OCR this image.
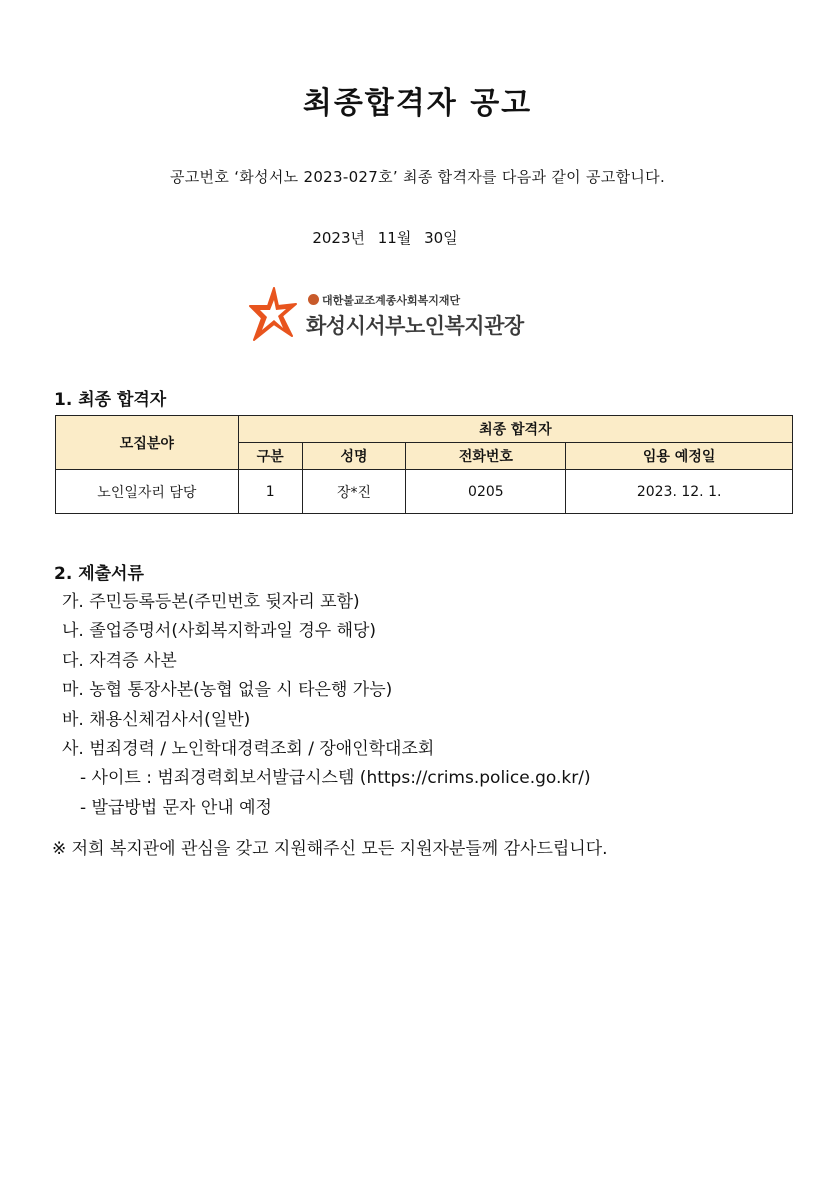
최종합격자 공고
공고번호 ‘화성서노 2023-027호’ 최종 합격자를 다음과 같이 공고합니다.
2023년 11월 30일
대한불교조계종사회복지재단
화성시서부노인복지관장
1. 최종 합격자
모집분야	최종 합격자			
	구분	성명	전화번호	임용 예정일
노인일자리 담당	1	장*진	0205	2023. 12. 1.
2. 제출서류
가. 주민등록등본(주민번호 뒷자리 포함)
나. 졸업증명서(사회복지학과일 경우 해당)
다. 자격증 사본
마. 농협 통장사본(농협 없을 시 타은행 가능)
바. 채용신체검사서(일반)
사. 범죄경력 / 노인학대경력조회 / 장애인학대조회
- 사이트 : 범죄경력회보서발급시스템 (https://crims.police.go.kr/)
- 발급방법 문자 안내 예정
※ 저희 복지관에 관심을 갖고 지원해주신 모든 지원자분들께 감사드립니다.
